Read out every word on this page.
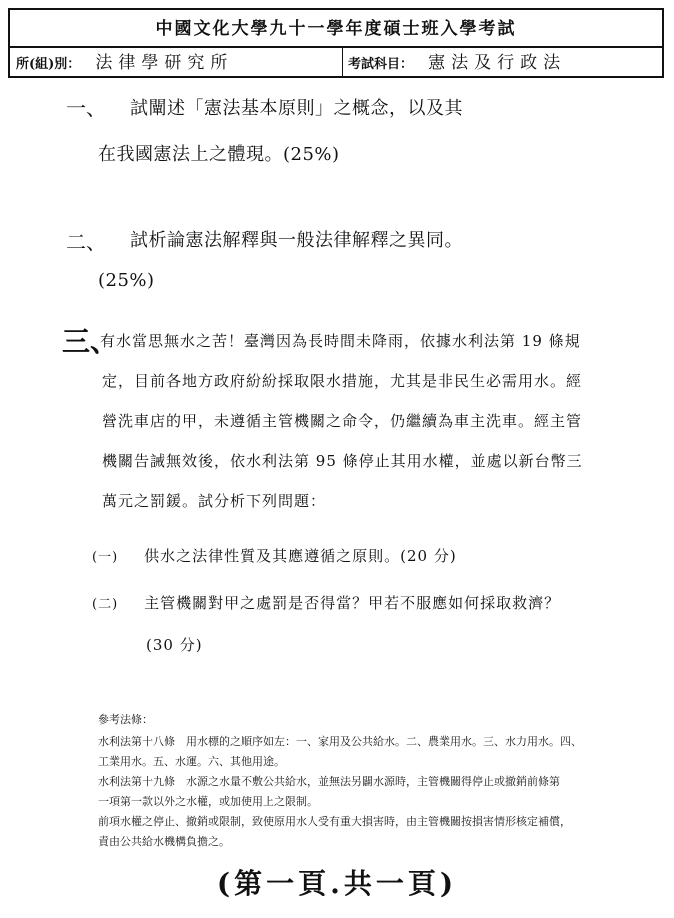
中國文化大學九十一學年度碩士班入學考試
所(組)別： 法律學研究所	考試科目： 憲法及行政法
一、 試闡述「憲法基本原則」之概念，以及其
在我國憲法上之體現。(25%)
二、 試析論憲法解釋與一般法律解釋之異同。
(25%)
三、
有水當思無水之苦！臺灣因為長時間未降雨，依據水利法第 19 條規
定，目前各地方政府紛紛採取限水措施，尤其是非民生必需用水。經
營洗車店的甲，未遵循主管機關之命令，仍繼續為車主洗車。經主管
機關告誡無效後，依水利法第 95 條停止其用水權，並處以新台幣三
萬元之罰鍰。試分析下列問題：
(一) 供水之法律性質及其應遵循之原則。(20 分)
(二) 主管機關對甲之處罰是否得當？甲若不服應如何採取救濟？
(30 分)
參考法條：
水利法第十八條　用水標的之順序如左：一、家用及公共給水。二、農業用水。三、水力用水。四、
工業用水。五、水運。六、其他用途。
水利法第十九條　水源之水量不敷公共給水，並無法另闢水源時，主管機關得停止或撤銷前條第
一項第一款以外之水權，或加使用上之限制。
前項水權之停止、撤銷或限制，致使原用水人受有重大損害時，由主管機關按損害情形核定補償，
責由公共給水機構負擔之。
(第一頁.共一頁)
